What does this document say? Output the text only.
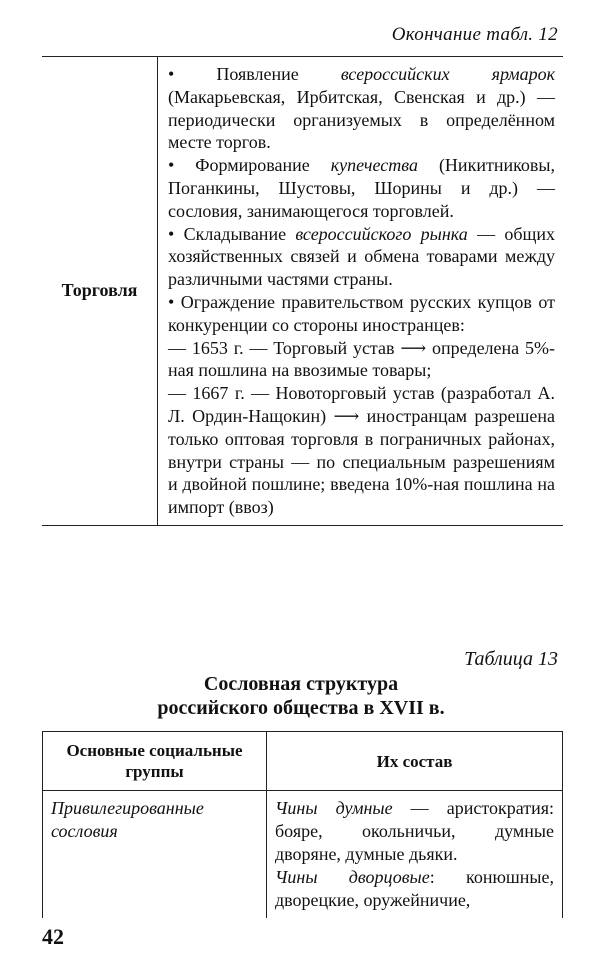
Окончание табл. 12
Торговля	

• Появление всероссийских ярмарок (Макарьевская, Ирбитская, Свенская и др.) — периодически организуемых в определённом месте торгов.

• Формирование купечества (Никитниковы, Поганкины, Шустовы, Шорины и др.) — сословия, занимающегося торговлей.

• Складывание всероссийского рынка — общих хозяйственных связей и обмена товарами между различными частями страны.

• Ограждение правительством русских купцов от конкуренции со стороны иностранцев:

— 1653 г. — Торговый устав ⟶ определена 5%-ная пошлина на ввозимые товары;

— 1667 г. — Новоторговый устав (разработал А. Л. Ордин-Нащокин) ⟶ иностранцам разрешена только оптовая торговля в пограничных районах, внутри страны — по специальным разрешениям и двойной пошлине; введена 10%-ная пошлина на импорт (ввоз)

Таблица 13
Сословная структура
российского общества в XVII в.
Основные социальные группы	Их состав
Привилегированные сословия	Чины думные — аристократия: бояре, окольничьи, думные дворяне, думные дьяки.
Чины дворцовые: конюшные, дворецкие, оружейничие,
42
